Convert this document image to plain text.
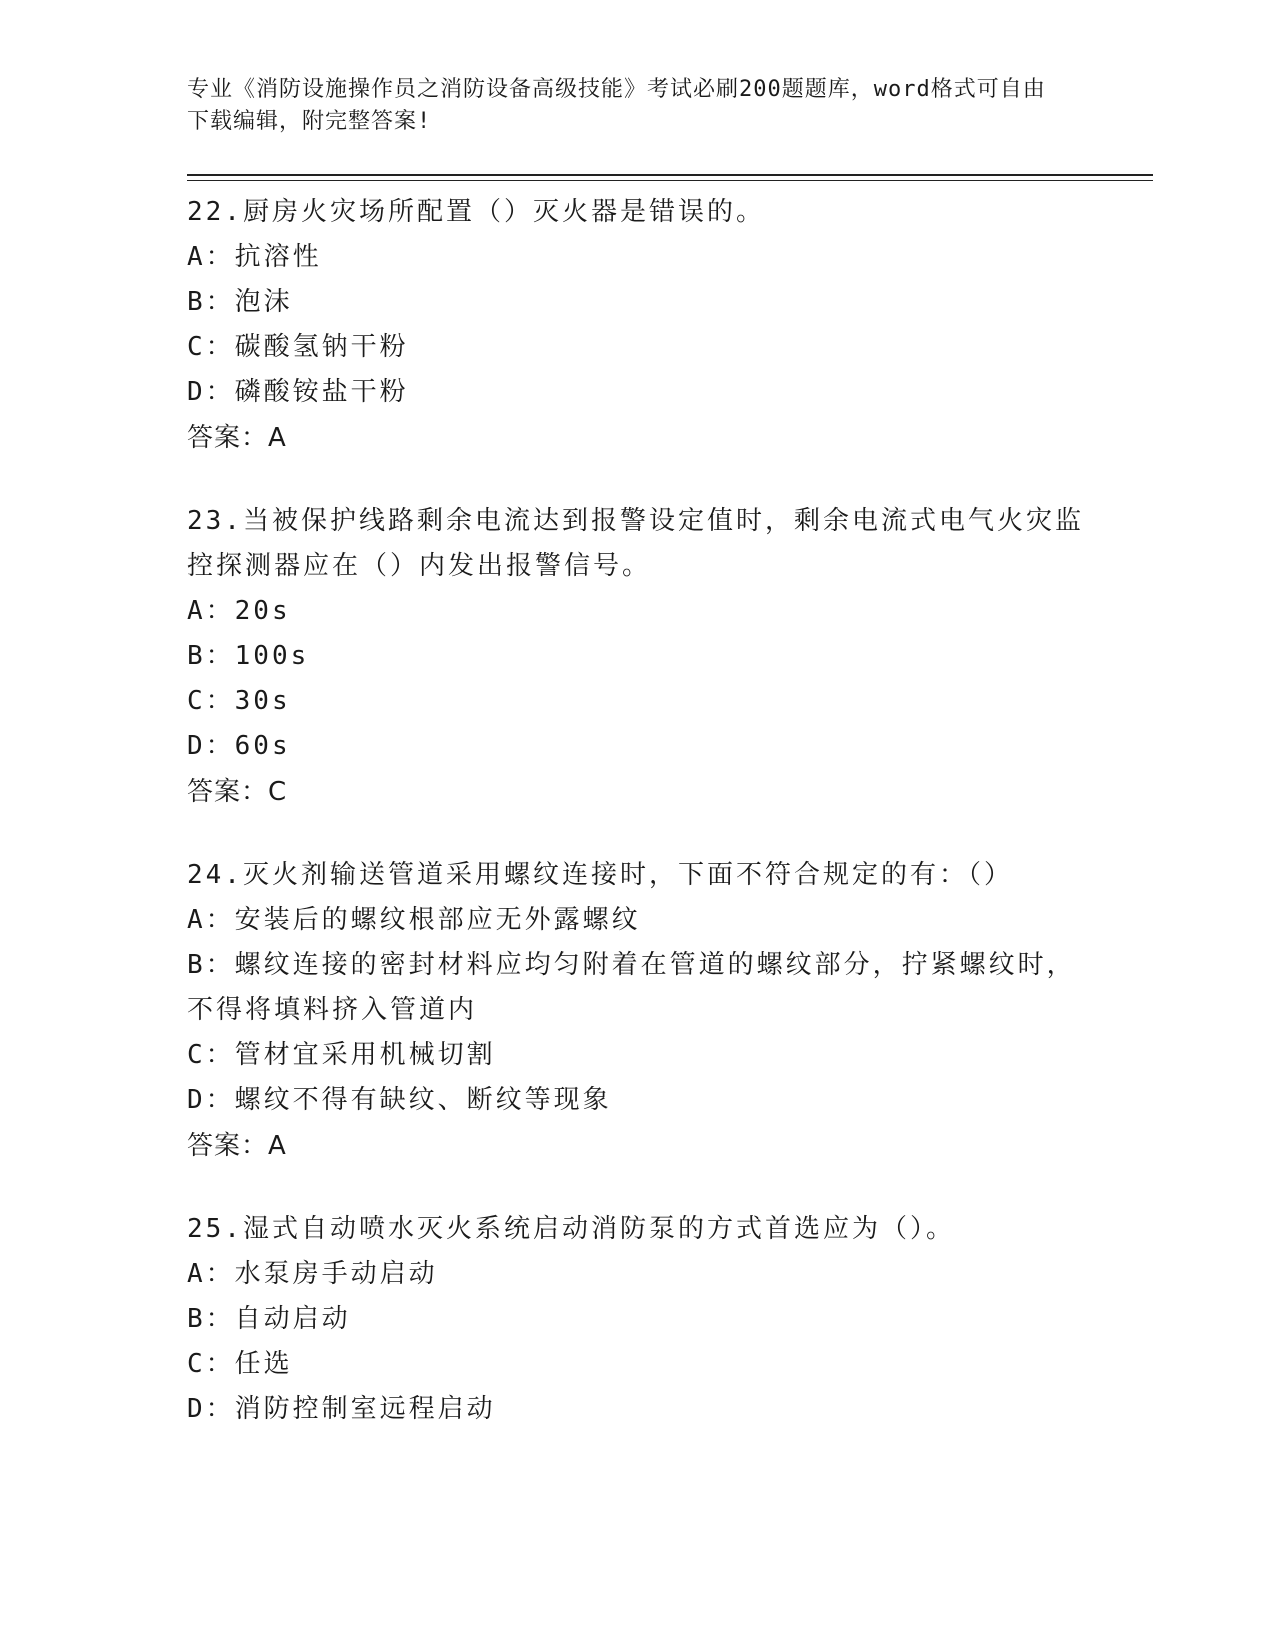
专业《消防设施操作员之消防设备高级技能》考试必刷200题题库，word格式可自由下载编辑，附完整答案!

22.厨房火灾场所配置（）灭火器是错误的。

A：抗溶性

B：泡沫

C：碳酸氢钠干粉

D：磷酸铵盐干粉

答案：A

23.当被保护线路剩余电流达到报警设定值时，剩余电流式电气火灾监控探测器应在（）内发出报警信号。

A：20s

B：100s

C：30s

D：60s

答案：C

24.灭火剂输送管道采用螺纹连接时，下面不符合规定的有：（）

A：安装后的螺纹根部应无外露螺纹

B：螺纹连接的密封材料应均匀附着在管道的螺纹部分，拧紧螺纹时，不得将填料挤入管道内

C：管材宜采用机械切割

D：螺纹不得有缺纹、断纹等现象

答案：A

25.湿式自动喷水灭火系统启动消防泵的方式首选应为（）。

A：水泵房手动启动

B：自动启动

C：任选

D：消防控制室远程启动
